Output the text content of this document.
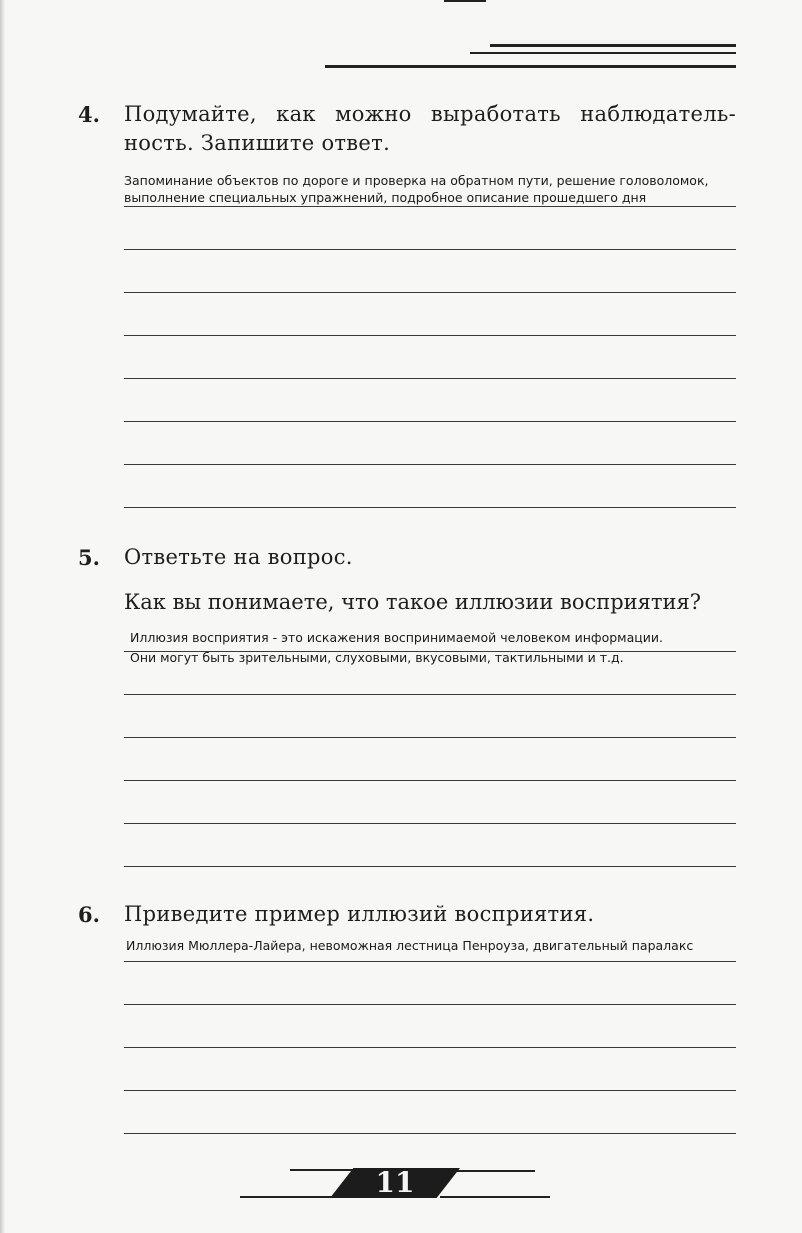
4. Подумайте, как можно выработать наблюдатель-ность. Запишите ответ.
Запоминание объектов по дороге и проверка на обратном пути, решение головоломок,
выполнение специальных упражнений, подробное описание прошедшего дня
5. Ответьте на вопрос.
Как вы понимаете, что такое иллюзии восприятия?
Иллюзия восприятия - это искажения воспринимаемой человеком информации.
Они могут быть зрительными, слуховыми, вкусовыми, тактильными и т.д.
6. Приведите пример иллюзий восприятия.
Иллюзия Мюллера-Лайера, невоможная лестница Пенроуза, двигательный паралакс
11
